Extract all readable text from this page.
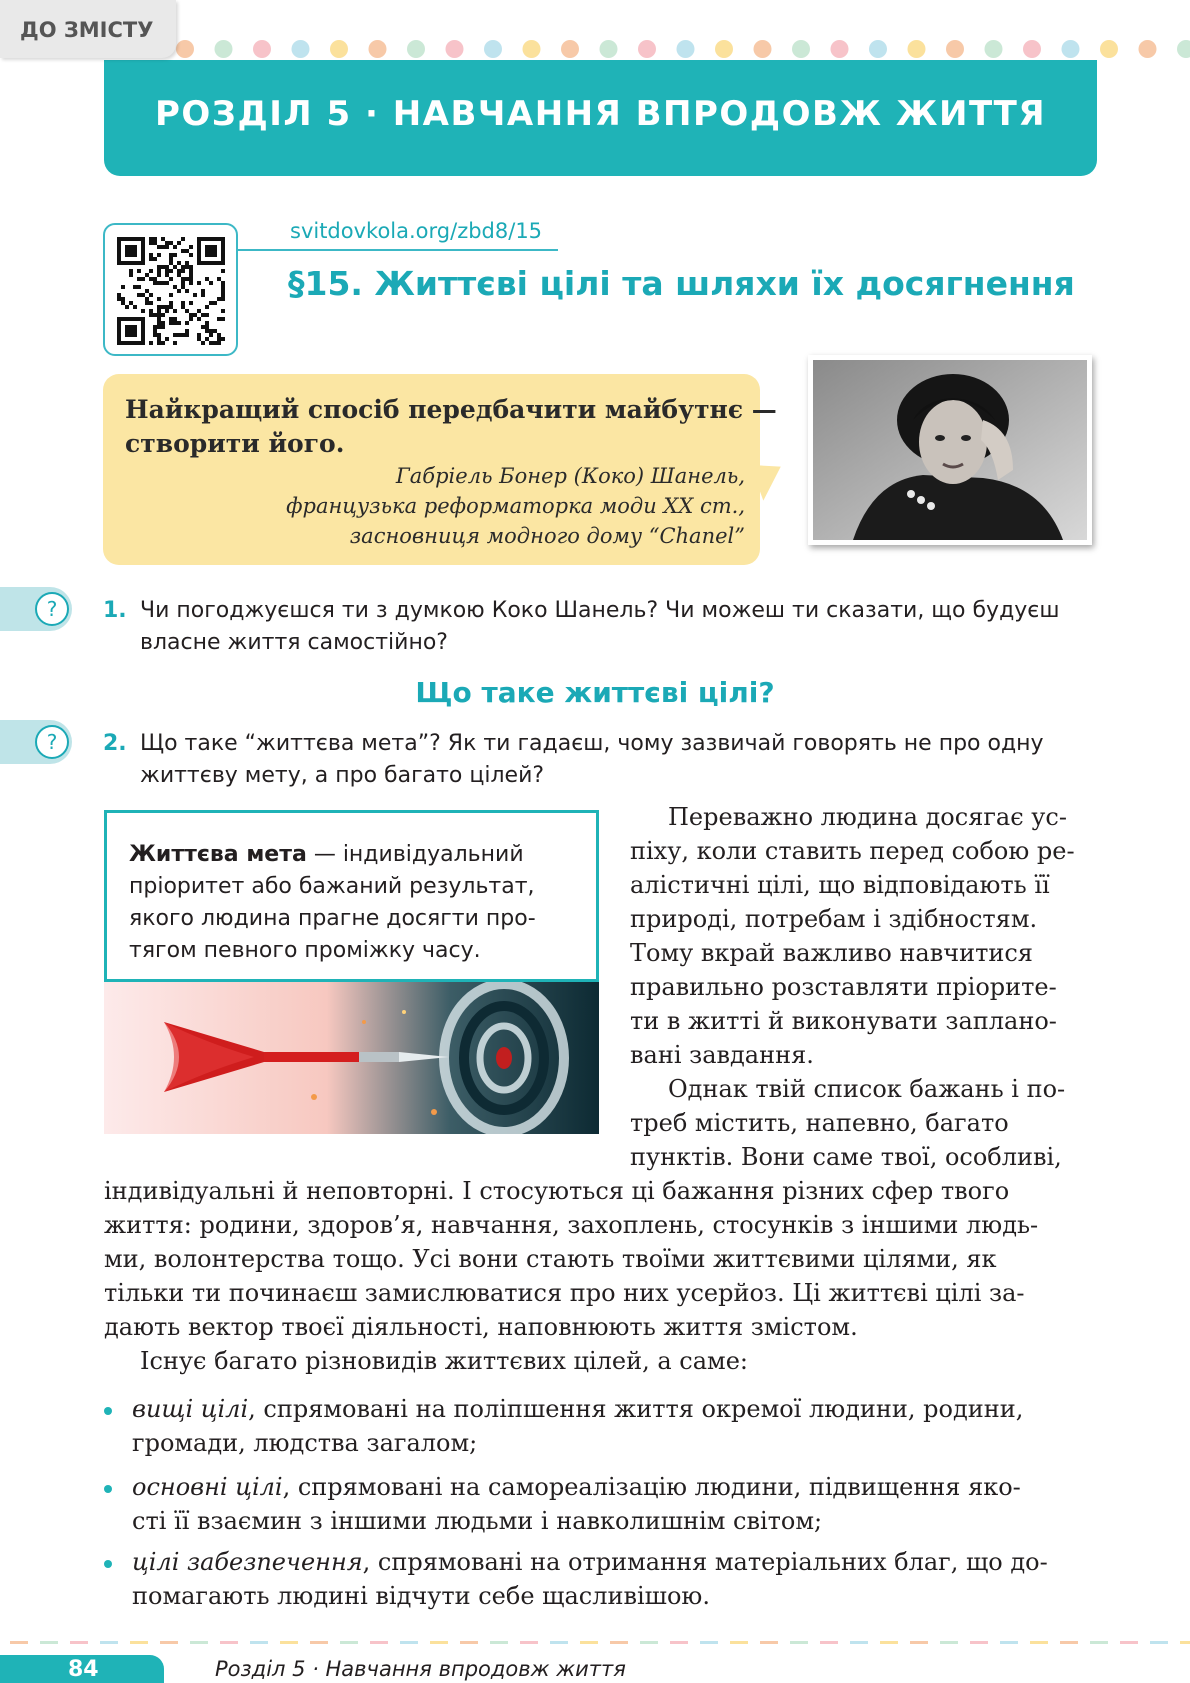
ДО ЗМІСТУ
РОЗДІЛ 5 · НАВЧАННЯ ВПРОДОВЖ ЖИТТЯ
svitdovkola.org/zbd8/15
§15. Життєві цілі та шляхи їх досягнення
Найкращий спосіб передбачити майбутнє —
створити його.
Габріель Бонер (Коко) Шанель,
французька реформаторка моди XX ст.,
засновниця модного дому “Chanel”
?	1. Чи погоджуєшся ти з думкою Коко Шанель? Чи можеш ти сказати, що будуєш
власне життя самостійно?
Що таке життєві цілі?
?	2. Що таке “життєва мета”? Як ти гадаєш, чому зазвичай говорять не про одну
життєву мету, а про багато цілей?
Життєва мета — індивідуальний
пріоритет або бажаний результат,
якого людина прагне досягти про-
тягом певного проміжку часу.
Переважно людина досягає ус-
піху, коли ставить перед собою ре-
алістичні цілі, що відповідають її
природі, потребам і здібностям.
Тому вкрай важливо навчитися
правильно розставляти пріорите-
ти в житті й виконувати заплано-
вані завдання.
Однак твій список бажань і по-
треб містить, напевно, багато
пунктів. Вони саме твої, особливі,
індивідуальні й неповторні. І стосуються ці бажання різних сфер твого
життя: родини, здоров’я, навчання, захоплень, стосунків з іншими людь-
ми, волонтерства тощо. Усі вони стають твоїми життєвими цілями, як
тільки ти починаєш замислюватися про них усерйоз. Ці життєві цілі за-
дають вектор твоєї діяльності, наповнюють життя змістом.
Існує багато різновидів життєвих цілей, а саме:
вищі цілі, спрямовані на поліпшення життя окремої людини, родини,
громади, людства загалом;
основні цілі, спрямовані на самореалізацію людини, підвищення яко-
сті її взаємин з іншими людьми і навколишнім світом;
цілі забезпечення, спрямовані на отримання матеріальних благ, що до-
помагають людині відчути себе щасливішою.
84	Розділ 5 · Навчання впродовж життя
